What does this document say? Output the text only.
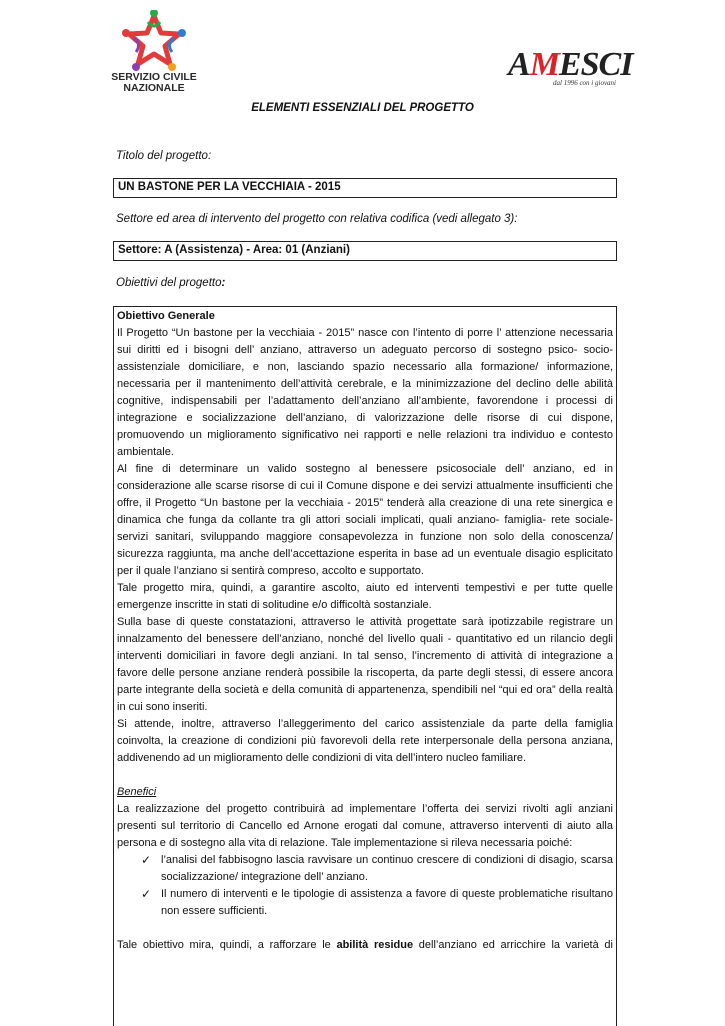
SERVIZIO CIVILE
NAZIONALE
AMESCI
dal 1996 con i giovani
ELEMENTI ESSENZIALI DEL PROGETTO
Titolo del progetto:
UN BASTONE PER LA VECCHIAIA - 2015
Settore ed area di intervento del progetto con relativa codifica (vedi allegato 3):
Settore: A (Assistenza) - Area: 01 (Anziani)
Obiettivi del progetto:

Obiettivo Generale

Il Progetto “Un bastone per la vecchiaia - 2015” nasce con l’intento di porre l’ attenzione necessaria sui diritti ed i bisogni dell’ anziano, attraverso un adeguato percorso di sostegno psico- socio-assistenziale domiciliare, e non, lasciando spazio necessario alla formazione/ informazione, necessaria per il mantenimento dell’attività cerebrale, e la minimizzazione del declino delle abilità cognitive, indispensabili per l’adattamento dell’anziano all’ambiente, favorendone i processi di integrazione e socializzazione dell’anziano, di valorizzazione delle risorse di cui dispone, promuovendo un miglioramento significativo nei rapporti e nelle relazioni tra individuo e contesto ambientale.

Al fine di determinare un valido sostegno al benessere psicosociale dell’ anziano, ed in considerazione alle scarse risorse di cui il Comune dispone e dei servizi attualmente insufficienti che offre, il Progetto “Un bastone per la vecchiaia - 2015” tenderà alla creazione di una rete sinergica e dinamica che funga da collante tra gli attori sociali implicati, quali anziano- famiglia- rete sociale- servizi sanitari, sviluppando maggiore consapevolezza in funzione non solo della conoscenza/ sicurezza raggiunta, ma anche dell’accettazione esperita in base ad un eventuale disagio esplicitato per il quale l’anziano si sentirà compreso, accolto e supportato.

Tale progetto mira, quindi, a garantire ascolto, aiuto ed interventi tempestivi e per tutte quelle emergenze inscritte in stati di solitudine e/o difficoltà sostanziale.

Sulla base di queste constatazioni, attraverso le attività progettate sarà ipotizzabile registrare un innalzamento del benessere dell’anziano, nonché del livello quali - quantitativo ed un rilancio degli interventi domiciliari in favore degli anziani. In tal senso, l’incremento di attività di integrazione a favore delle persone anziane renderà possibile la riscoperta, da parte degli stessi, di essere ancora parte integrante della società e della comunità di appartenenza, spendibili nel “qui ed ora” della realtà in cui sono inseriti.

Si attende, inoltre, attraverso l’alleggerimento del carico assistenziale da parte della famiglia coinvolta, la creazione di condizioni più favorevoli della rete interpersonale della persona anziana, addivenendo ad un miglioramento delle condizioni di vita dell’intero nucleo familiare.

Benefici

La realizzazione del progetto contribuirà ad implementare l’offerta dei servizi rivolti agli anziani presenti sul territorio di Cancello ed Arnone erogati dal comune, attraverso interventi di aiuto alla persona e di sostegno alla vita di relazione. Tale implementazione si rileva necessaria poiché:

✓ l’analisi del fabbisogno lascia ravvisare un continuo crescere di condizioni di disagio, scarsa socializzazione/ integrazione dell’ anziano.
✓ Il numero di interventi e le tipologie di assistenza a favore di queste problematiche risultano non essere sufficienti.

Tale obiettivo mira, quindi, a rafforzare le abilità residue dell’anziano ed arricchire la varietà di
